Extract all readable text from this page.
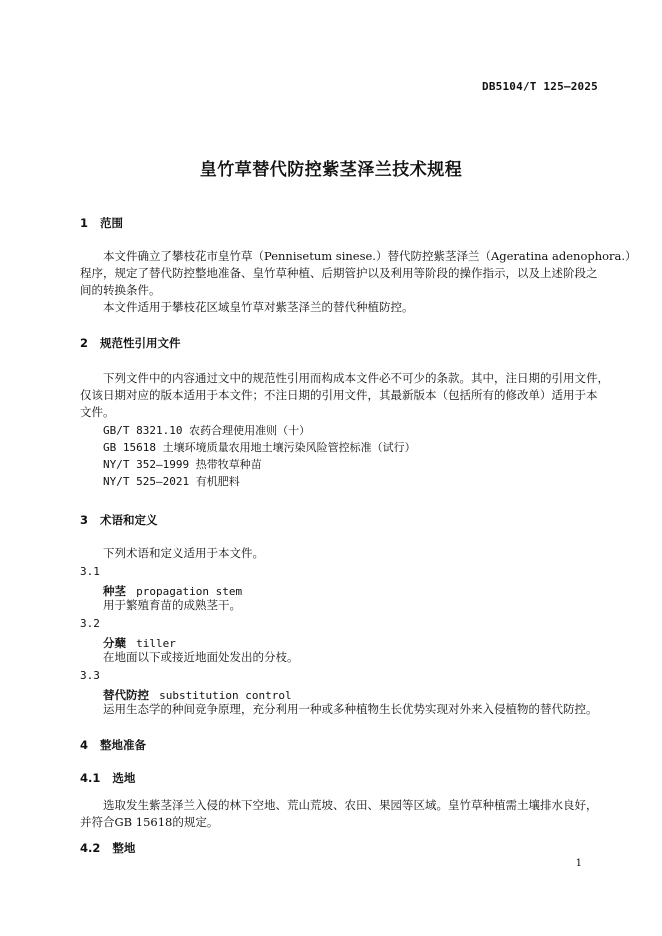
DB5104/T 125—2025
皇竹草替代防控紫茎泽兰技术规程
1 范围
本文件确立了攀枝花市皇竹草（Pennisetum sinese.）替代防控紫茎泽兰（Ageratina adenophora.）
程序，规定了替代防控整地准备、皇竹草种植、后期管护以及利用等阶段的操作指示，以及上述阶段之
间的转换条件。
本文件适用于攀枝花区域皇竹草对紫茎泽兰的替代种植防控。
2 规范性引用文件
下列文件中的内容通过文中的规范性引用而构成本文件必不可少的条款。其中，注日期的引用文件，
仅该日期对应的版本适用于本文件；不注日期的引用文件，其最新版本（包括所有的修改单）适用于本
文件。
GB/T 8321.10 农药合理使用准则（十）
GB 15618 土壤环境质量农用地土壤污染风险管控标准（试行）
NY/T 352—1999 热带牧草种苗
NY/T 525—2021 有机肥料
3 术语和定义
下列术语和定义适用于本文件。
3.1
种茎 propagation stem
用于繁殖育苗的成熟茎干。
3.2
分蘖 tiller
在地面以下或接近地面处发出的分枝。
3.3
替代防控 substitution control
运用生态学的种间竞争原理，充分利用一种或多种植物生长优势实现对外来入侵植物的替代防控。
4 整地准备
4.1 选地
选取发生紫茎泽兰入侵的林下空地、荒山荒坡、农田、果园等区域。皇竹草种植需土壤排水良好，
并符合GB 15618的规定。
4.2 整地
1
